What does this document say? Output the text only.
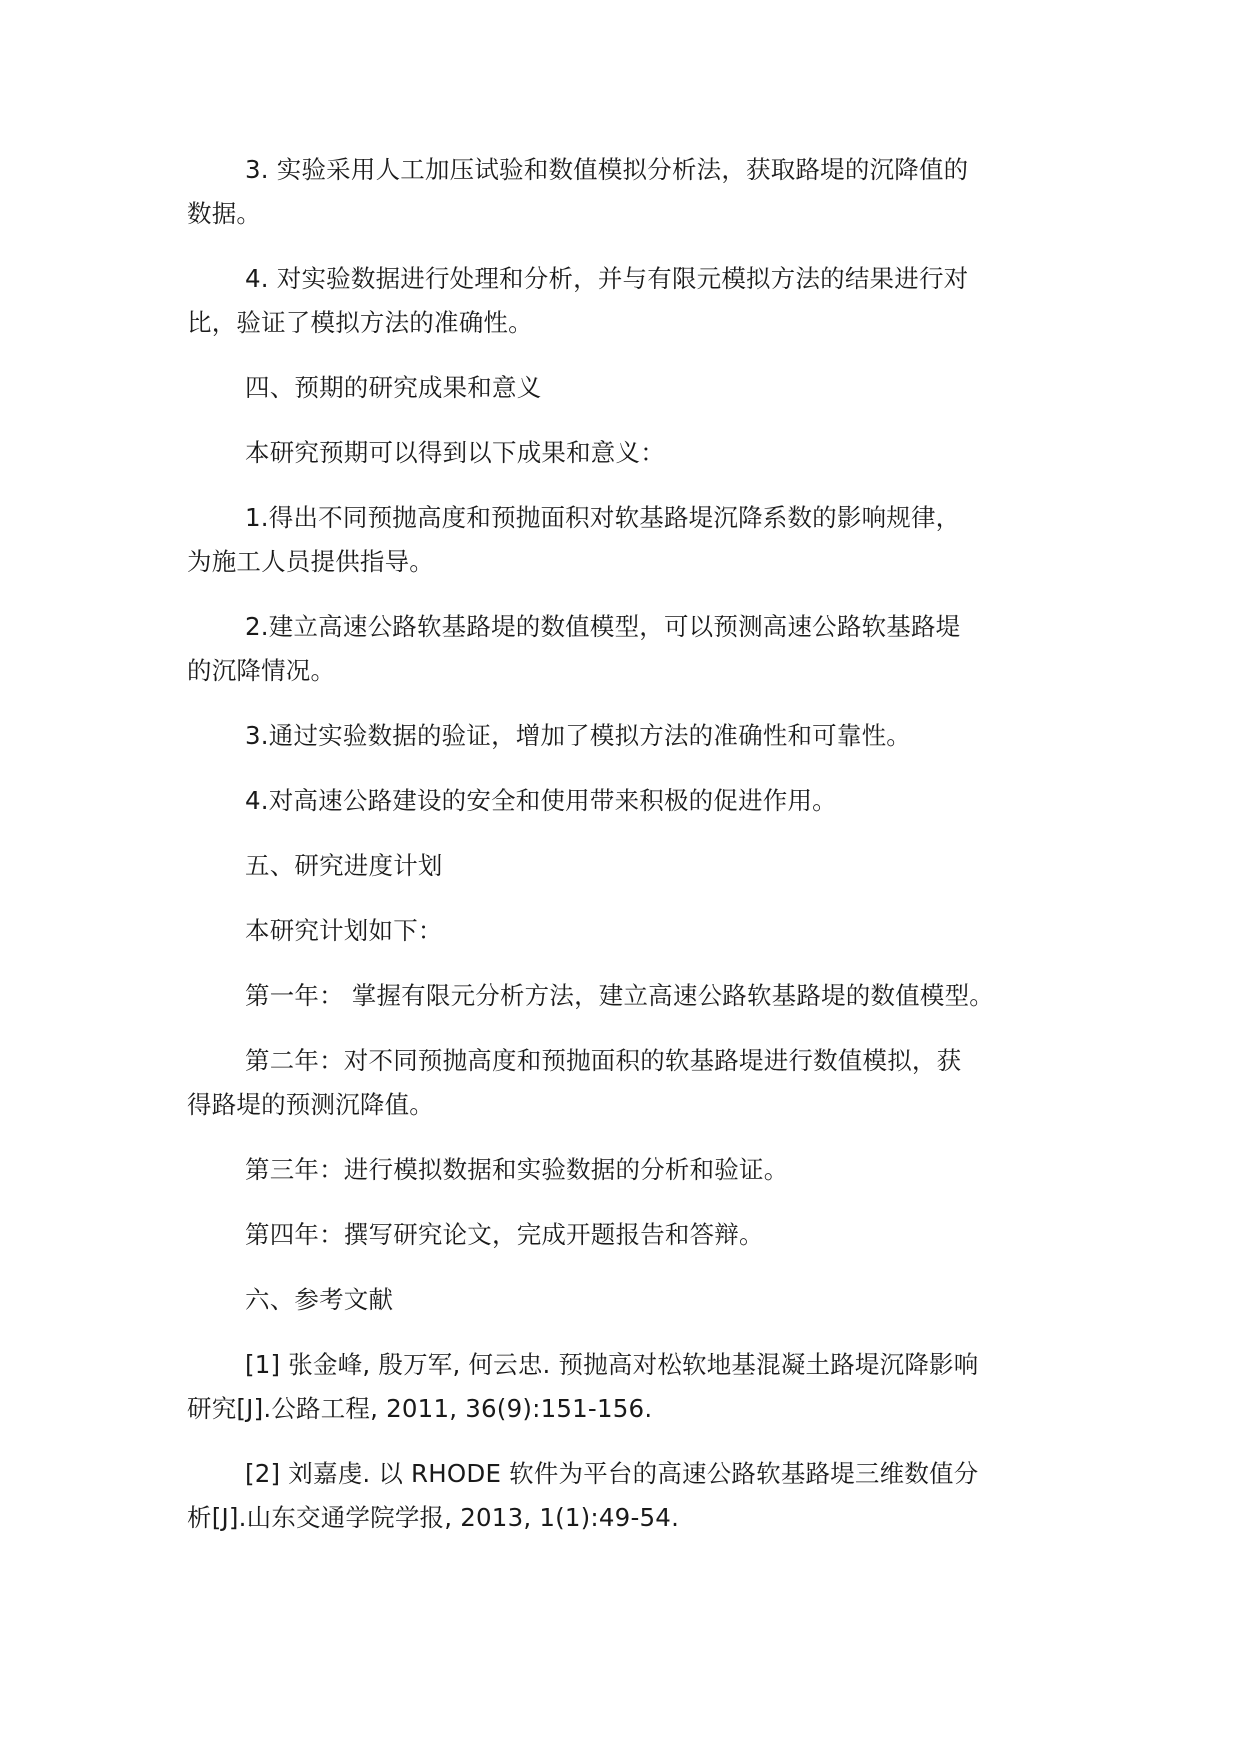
3. 实验采用人工加压试验和数值模拟分析法，获取路堤的沉降值的
数据。

4. 对实验数据进行处理和分析，并与有限元模拟方法的结果进行对
比，验证了模拟方法的准确性。

四、预期的研究成果和意义

本研究预期可以得到以下成果和意义：

1.得出不同预抛高度和预抛面积对软基路堤沉降系数的影响规律，
为施工人员提供指导。

2.建立高速公路软基路堤的数值模型，可以预测高速公路软基路堤
的沉降情况。

3.通过实验数据的验证，增加了模拟方法的准确性和可靠性。

4.对高速公路建设的安全和使用带来积极的促进作用。

五、研究进度计划

本研究计划如下：

第一年： 掌握有限元分析方法，建立高速公路软基路堤的数值模型。

第二年：对不同预抛高度和预抛面积的软基路堤进行数值模拟，获
得路堤的预测沉降值。

第三年：进行模拟数据和实验数据的分析和验证。

第四年：撰写研究论文，完成开题报告和答辩。

六、参考文献

[1] 张金峰, 殷万军, 何云忠. 预抛高对松软地基混凝土路堤沉降影响
研究[J].公路工程, 2011, 36(9):151-156.

[2] 刘嘉虔. 以 RHODE 软件为平台的高速公路软基路堤三维数值分
析[J].山东交通学院学报, 2013, 1(1):49-54.
